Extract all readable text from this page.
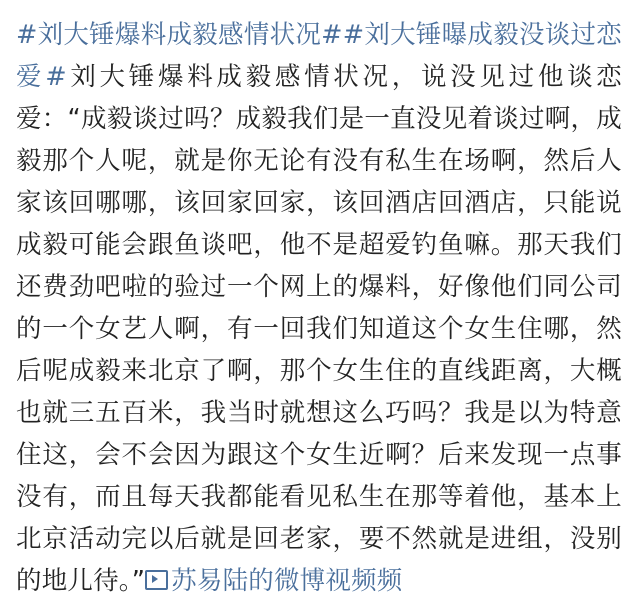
#刘大锤爆料成毅感情状况##刘大锤曝成毅没谈过恋爱#刘大锤爆料成毅感情状况，说没见过他谈恋爱：“成毅谈过吗？成毅我们是一直没见着谈过啊，成毅那个人呢，就是你无论有没有私生在场啊，然后人家该回哪哪，该回家回家，该回酒店回酒店，只能说成毅可能会跟鱼谈吧，他不是超爱钓鱼嘛。那天我们还费劲吧啦的验过一个网上的爆料，好像他们同公司的一个女艺人啊，有一回我们知道这个女生住哪，然后呢成毅来北京了啊，那个女生住的直线距离，大概也就三五百米，我当时就想这么巧吗？我是以为特意住这，会不会因为跟这个女生近啊？后来发现一点事没有，而且每天我都能看见私生在那等着他，基本上北京活动完以后就是回老家，要不然就是进组，没别的地儿待。” 苏易陆的微博视频频
